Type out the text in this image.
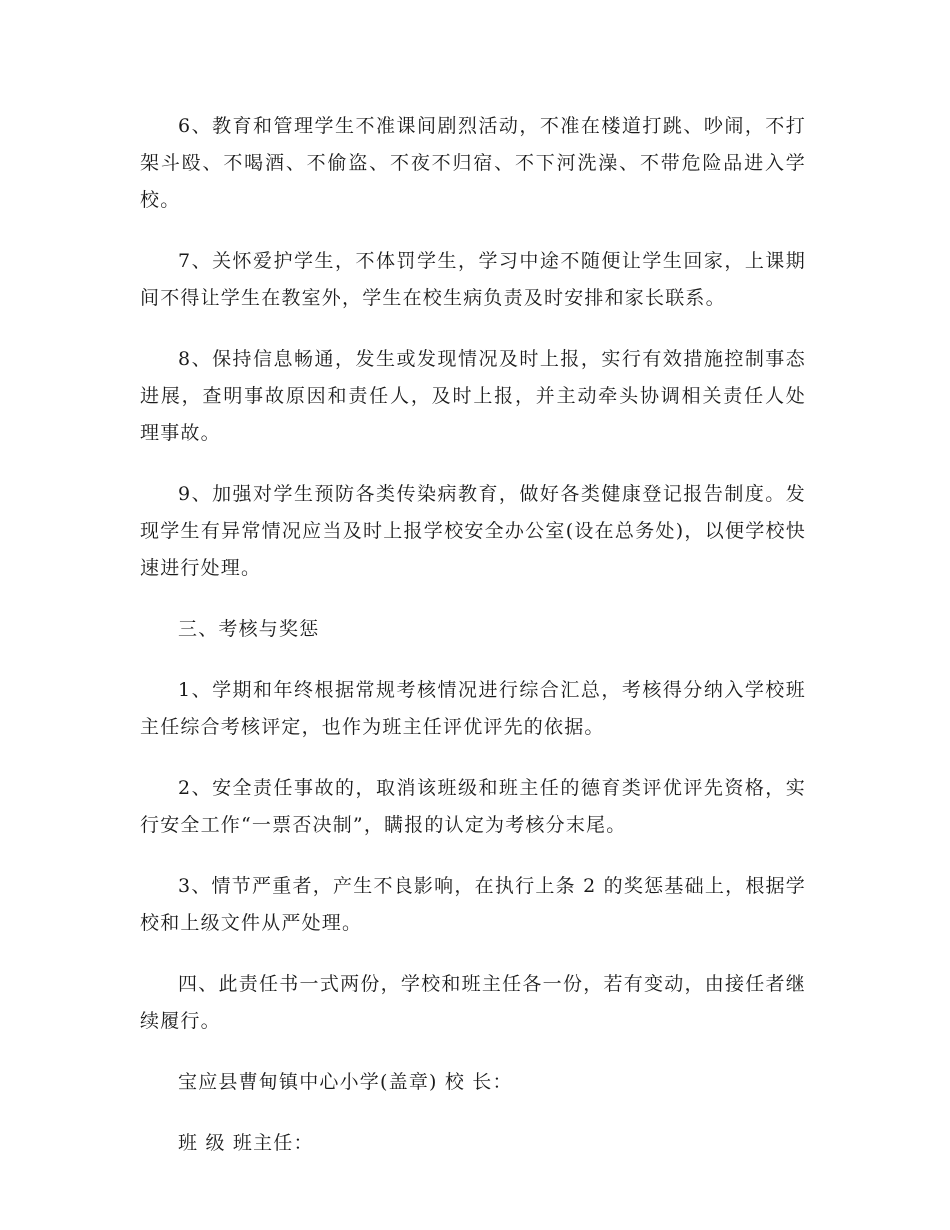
6、教育和管理学生不准课间剧烈活动，不准在楼道打跳、吵闹，不打架斗殴、不喝酒、不偷盗、不夜不归宿、不下河洗澡、不带危险品进入学校。

7、关怀爱护学生，不体罚学生，学习中途不随便让学生回家，上课期间不得让学生在教室外，学生在校生病负责及时安排和家长联系。

8、保持信息畅通，发生或发现情况及时上报，实行有效措施控制事态进展，查明事故原因和责任人，及时上报，并主动牵头协调相关责任人处理事故。

9、加强对学生预防各类传染病教育，做好各类健康登记报告制度。发现学生有异常情况应当及时上报学校安全办公室(设在总务处)，以便学校快速进行处理。

三、考核与奖惩

1、学期和年终根据常规考核情况进行综合汇总，考核得分纳入学校班主任综合考核评定，也作为班主任评优评先的依据。

2、安全责任事故的，取消该班级和班主任的德育类评优评先资格，实行安全工作“一票否决制”，瞒报的认定为考核分末尾。

3、情节严重者，产生不良影响，在执行上条 2 的奖惩基础上，根据学校和上级文件从严处理。

四、此责任书一式两份，学校和班主任各一份，若有变动，由接任者继续履行。

宝应县曹甸镇中心小学(盖章) 校 长：

班 级 班主任：
